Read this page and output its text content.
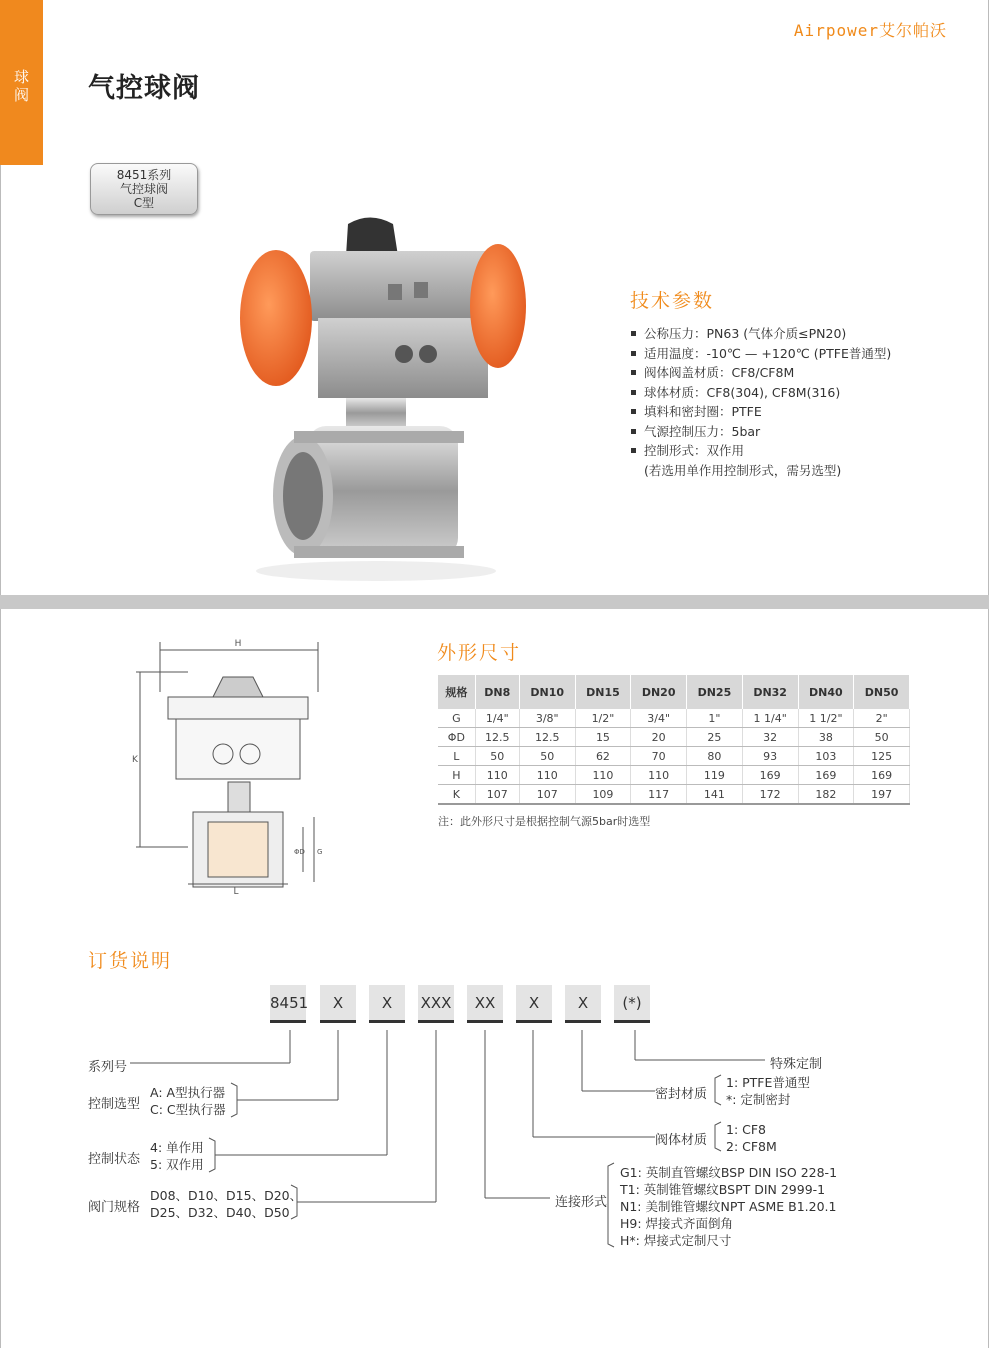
Airpower艾尔帕沃
球
阀	气控球阀
8451系列
气控球阀
C型
技术参数
公称压力：PN63 (气体介质≤PN20)
适用温度：-10℃ — +120℃ (PTFE普通型)
阀体阀盖材质：CF8/CF8M
球体材质：CF8(304), CF8M(316)
填料和密封圈：PTFE
气源控制压力：5bar
控制形式：双作用
(若选用单作用控制形式，需另选型)
H
K
L
ΦD G
外形尺寸
规格	DN8	DN10	DN15	DN20	DN25	DN32	DN40	DN50
G	1/4"	3/8"	1/2"	3/4"	1"	1 1/4"	1 1/2"	2"
ΦD	12.5	12.5	15	20	25	32	38	50
L	50	50	62	70	80	93	103	125
H	110	110	110	110	119	169	169	169
K	107	107	109	117	141	172	182	197
注：此外形尺寸是根据控制气源5bar时选型
订货说明
8451	X	X	XXX	XX	X	X	(*)
系列号
控制选型
A: A型执行器
C: C型执行器
控制状态
4: 单作用
5: 双作用
阀门规格
D08、D10、D15、D20、
D25、D32、D40、D50
连接形式
G1: 英制直管螺纹BSP DIN ISO 228-1
T1: 英制锥管螺纹BSPT DIN 2999-1
N1: 美制锥管螺纹NPT ASME B1.20.1
H9: 焊接式齐面倒角
H*: 焊接式定制尺寸
阀体材质
1: CF8
2: CF8M
密封材质
1: PTFE普通型
*: 定制密封
特殊定制
